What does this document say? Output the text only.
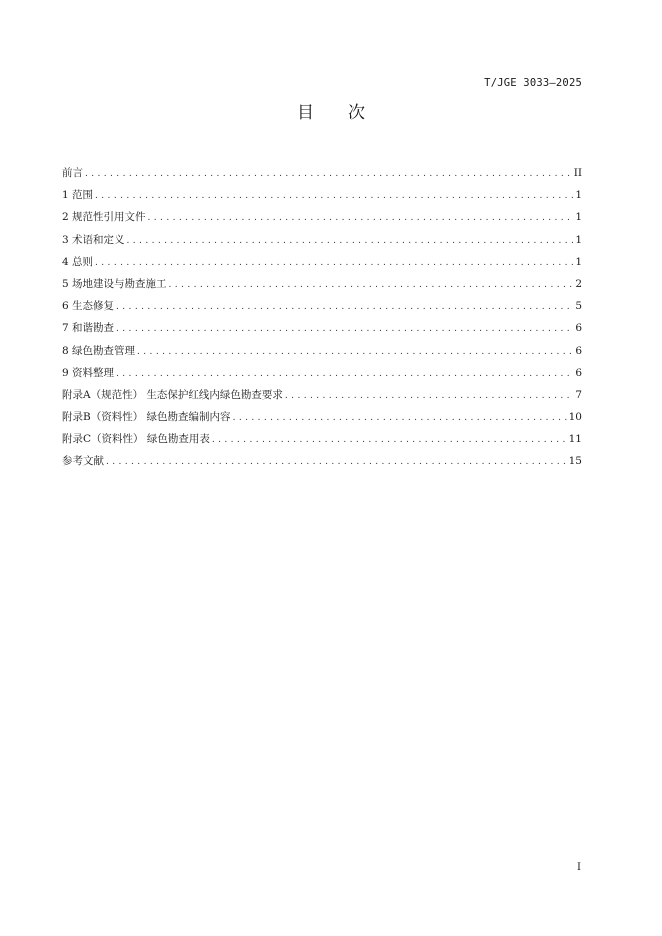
T/JGE 3033—2025
目次
前言 .....	II
1 范围 .....	1
2 规范性引用文件 .....	1
3 术语和定义 .....	1
4 总则 .....	1
5 场地建设与勘查施工 .....	2
6 生态修复 .....	5
7 和谐勘查 .....	6
8 绿色勘查管理 .....	6
9 资料整理 .....	6
附录A（规范性） 生态保护红线内绿色勘查要求 .....	7
附录B（资料性） 绿色勘查编制内容 .....	10
附录C（资料性） 绿色勘查用表 .....	11
参考文献 .....	15
I
